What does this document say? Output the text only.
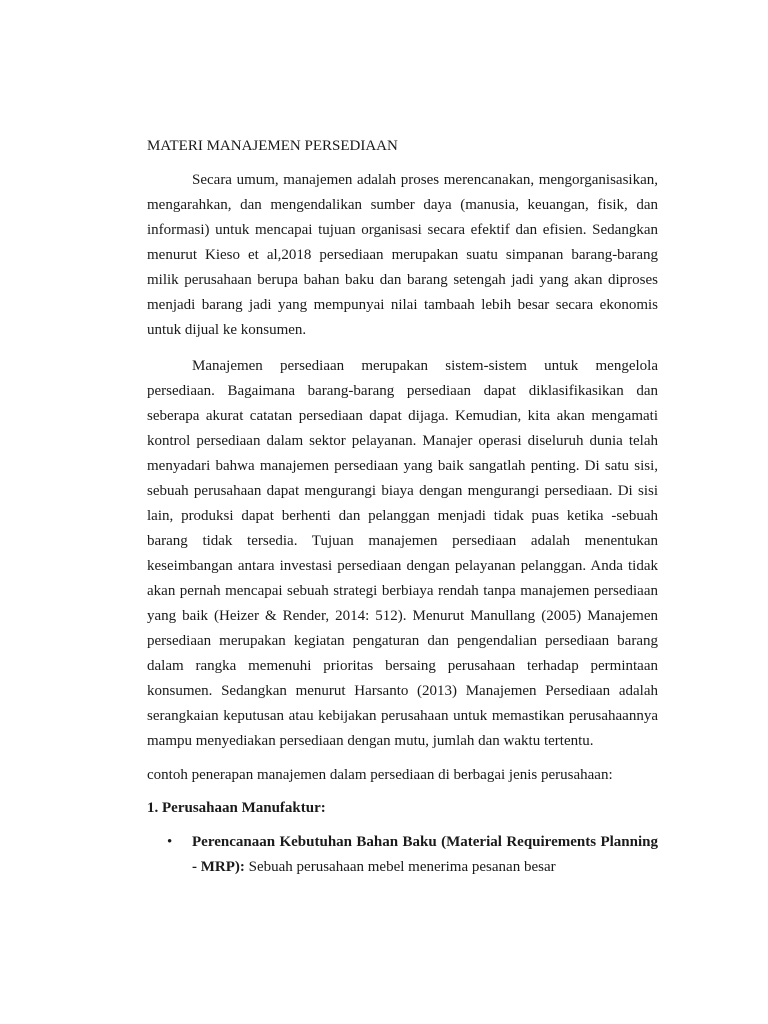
MATERI MANAJEMEN PERSEDIAAN

Secara umum, manajemen adalah proses merencanakan, mengorganisasikan, mengarahkan, dan mengendalikan sumber daya (manusia, keuangan, fisik, dan informasi) untuk mencapai tujuan organisasi secara efektif dan efisien. Sedangkan menurut Kieso et al,2018 persediaan merupakan suatu simpanan barang-barang milik perusahaan berupa bahan baku dan barang setengah jadi yang akan diproses menjadi barang jadi yang mempunyai nilai tambaah lebih besar secara ekonomis untuk dijual ke konsumen.

Manajemen persediaan merupakan sistem-sistem untuk mengelola persediaan. Bagaimana barang-barang persediaan dapat diklasifikasikan dan seberapa akurat catatan persediaan dapat dijaga. Kemudian, kita akan mengamati kontrol persediaan dalam sektor pelayanan. Manajer operasi diseluruh dunia telah menyadari bahwa manajemen persediaan yang baik sangatlah penting. Di satu sisi, sebuah perusahaan dapat mengurangi biaya dengan mengurangi persediaan. Di sisi lain, produksi dapat berhenti dan pelanggan menjadi tidak puas ketika -sebuah barang tidak tersedia. Tujuan manajemen persediaan adalah menentukan keseimbangan antara investasi persediaan dengan pelayanan pelanggan. Anda tidak akan pernah mencapai sebuah strategi berbiaya rendah tanpa manajemen persediaan yang baik (Heizer & Render, 2014: 512). Menurut Manullang (2005) Manajemen persediaan merupakan kegiatan pengaturan dan pengendalian persediaan barang dalam rangka memenuhi prioritas bersaing perusahaan terhadap permintaan konsumen. Sedangkan menurut Harsanto (2013) Manajemen Persediaan adalah serangkaian keputusan atau kebijakan perusahaan untuk memastikan perusahaannya mampu menyediakan persediaan dengan mutu, jumlah dan waktu tertentu.

contoh penerapan manajemen dalam persediaan di berbagai jenis perusahaan:

1. Perusahaan Manufaktur:

• Perencanaan Kebutuhan Bahan Baku (Material Requirements Planning - MRP): Sebuah perusahaan mebel menerima pesanan besar
